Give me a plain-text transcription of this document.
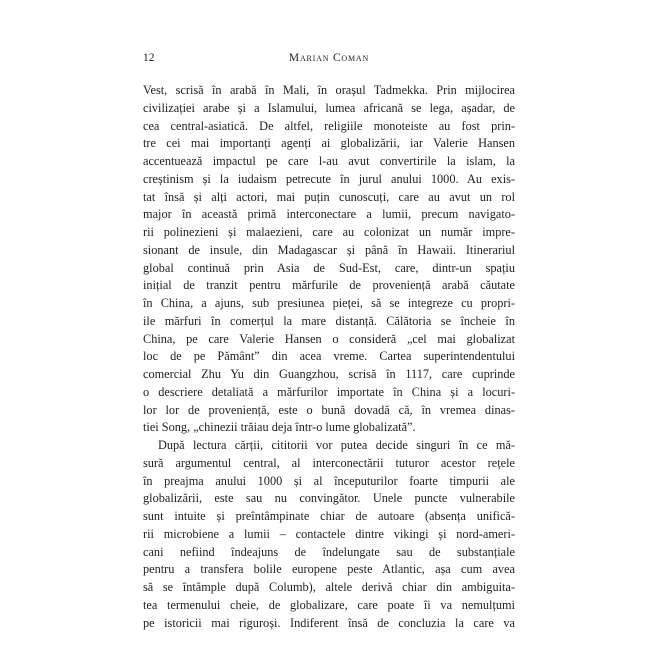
12	Marian Coman
Vest, scrisă în arabă în Mali, în orașul Tadmekka. Prin mijlocirea
civilizației arabe și a Islamului, lumea africană se lega, așadar, de
cea central-asiatică. De altfel, religiile monoteiste au fost prin-
tre cei mai importanți agenți ai globalizării, iar Valerie Hansen
accentuează impactul pe care l-au avut convertirile la islam, la
creștinism și la iudaism petrecute în jurul anului 1000. Au exis-
tat însă și alți actori, mai puțin cunoscuți, care au avut un rol
major în această primă interconectare a lumii, precum navigato-
rii polinezieni și malaezieni, care au colonizat un număr impre-
sionant de insule, din Madagascar și până în Hawaii. Itinerariul
global continuă prin Asia de Sud-Est, care, dintr-un spațiu
inițial de tranzit pentru mărfurile de proveniență arabă căutate
în China, a ajuns, sub presiunea pieței, să se integreze cu propri-
ile mărfuri în comerțul la mare distanță. Călătoria se încheie în
China, pe care Valerie Hansen o consideră „cel mai globalizat
loc de pe Pământ” din acea vreme. Cartea superintendentului
comercial Zhu Yu din Guangzhou, scrisă în 1117, care cuprinde
o descriere detaliată a mărfurilor importate în China și a locuri-
lor lor de proveniență, este o bună dovadă că, în vremea dinas-
tiei Song, „chinezii trăiau deja într-o lume globalizată”.
După lectura cărții, cititorii vor putea decide singuri în ce mă-
sură argumentul central, al interconectării tuturor acestor rețele
în preajma anului 1000 și al începuturilor foarte timpurii ale
globalizării, este sau nu convingător. Unele puncte vulnerabile
sunt intuite și preîntâmpinate chiar de autoare (absența unifică-
rii microbiene a lumii – contactele dintre vikingi și nord-ameri-
cani nefiind îndeajuns de îndelungate sau de substanțiale
pentru a transfera bolile europene peste Atlantic, așa cum avea
să se întâmple după Columb), altele derivă chiar din ambiguita-
tea termenului cheie, de globalizare, care poate îi va nemulțumi
pe istoricii mai riguroși. Indiferent însă de concluzia la care va
